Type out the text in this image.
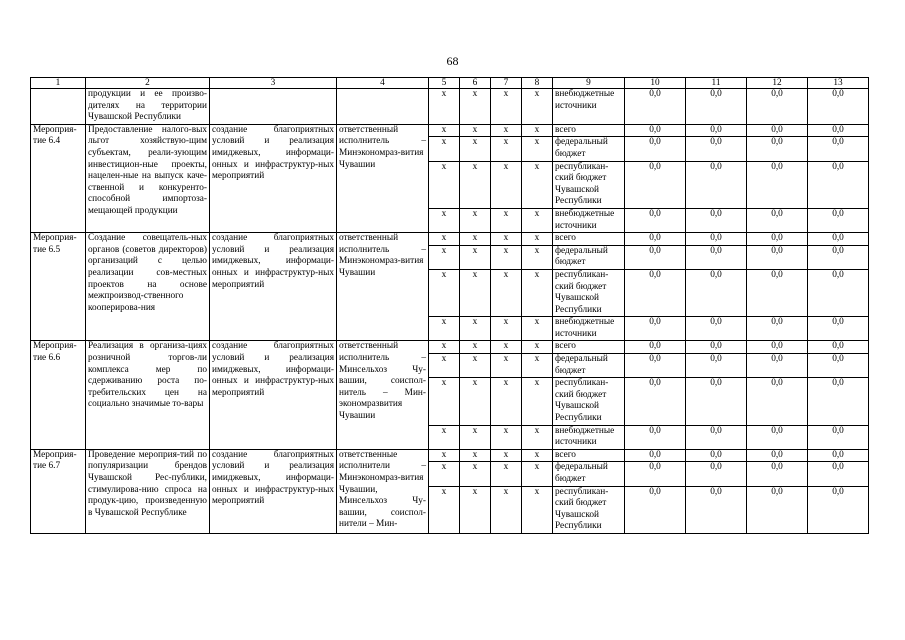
68
1	2	3	4	5	6	7	8	9	10	11	12	13
	продукции и ее произво-дителях на территории Чувашской Республики			x	x	x	x	внебюджетные источники	0,0	0,0	0,0	0,0
Мероприя-тие 6.4	Предоставление налого-вых льгот хозяйствую-щим субъектам, реали-зующим инвестицион-ные проекты, нацелен-ные на выпуск каче-ственной и конкуренто-способной импортоза-мещающей продукции	создание благоприятных условий и реализация имиджевых, информаци-онных и инфраструктур-ных мероприятий	ответственный исполнитель – Минэкономраз-вития Чувашии	x	x	x	x	всего	0,0	0,0	0,0	0,0
				x	x	x	x	федеральный бюджет	0,0	0,0	0,0	0,0
				x	x	x	x	республикан-ский бюджет Чувашской Республики	0,0	0,0	0,0	0,0
				x	x	x	x	внебюджетные источники	0,0	0,0	0,0	0,0
Мероприя-тие 6.5	Создание совещатель-ных органов (советов директоров) организаций с целью реализации сов-местных проектов на основе межпроизвод-ственного кооперирова-ния	создание благоприятных условий и реализация имиджевых, информаци-онных и инфраструктур-ных мероприятий	ответственный исполнитель – Минэкономраз-вития Чувашии	x	x	x	x	всего	0,0	0,0	0,0	0,0
				x	x	x	x	федеральный бюджет	0,0	0,0	0,0	0,0
				x	x	x	x	республикан-ский бюджет Чувашской Республики	0,0	0,0	0,0	0,0
				x	x	x	x	внебюджетные источники	0,0	0,0	0,0	0,0
Мероприя-тие 6.6	Реализация в организа-циях розничной торгов-ли комплекса мер по сдерживанию роста по-требительских цен на социально значимые то-вары	создание благоприятных условий и реализация имиджевых, информаци-онных и инфраструктур-ных мероприятий	ответственный исполнитель – Минсельхоз Чу-вашии, соиспол-нитель – Мин-экономразвития Чувашии	x	x	x	x	всего	0,0	0,0	0,0	0,0
				x	x	x	x	федеральный бюджет	0,0	0,0	0,0	0,0
				x	x	x	x	республикан-ский бюджет Чувашской Республики	0,0	0,0	0,0	0,0
				x	x	x	x	внебюджетные источники	0,0	0,0	0,0	0,0
Мероприя-тие 6.7	Проведение мероприя-тий по популяризации брендов Чувашской Рес-публики, стимулирова-нию спроса на продук-цию, произведенную в Чувашской Республике	создание благоприятных условий и реализация имиджевых, информаци-онных и инфраструктур-ных мероприятий	ответственные исполнители – Минэкономраз-вития Чувашии, Минсельхоз Чу-вашии, соиспол-нители – Мин-	x	x	x	x	всего	0,0	0,0	0,0	0,0
				x	x	x	x	федеральный бюджет	0,0	0,0	0,0	0,0
				x	x	x	x	республикан-ский бюджет Чувашской Республики	0,0	0,0	0,0	0,0
